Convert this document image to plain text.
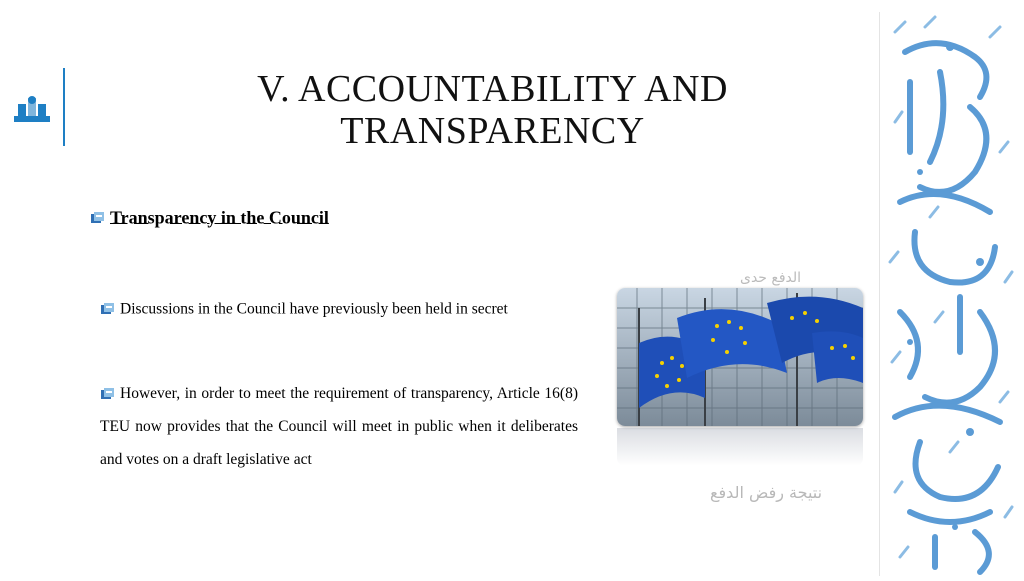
V. ACCOUNTABILITY AND TRANSPARENCY
Transparency in the Council
Discussions in the Council have previously been held in secret
However, in order to meet the requirement of transparency, Article 16(8) TEU now provides that the Council will meet in public when it deliberates and votes on a draft legislative act
الدفع حدى
نتيجة رفض الدفع
